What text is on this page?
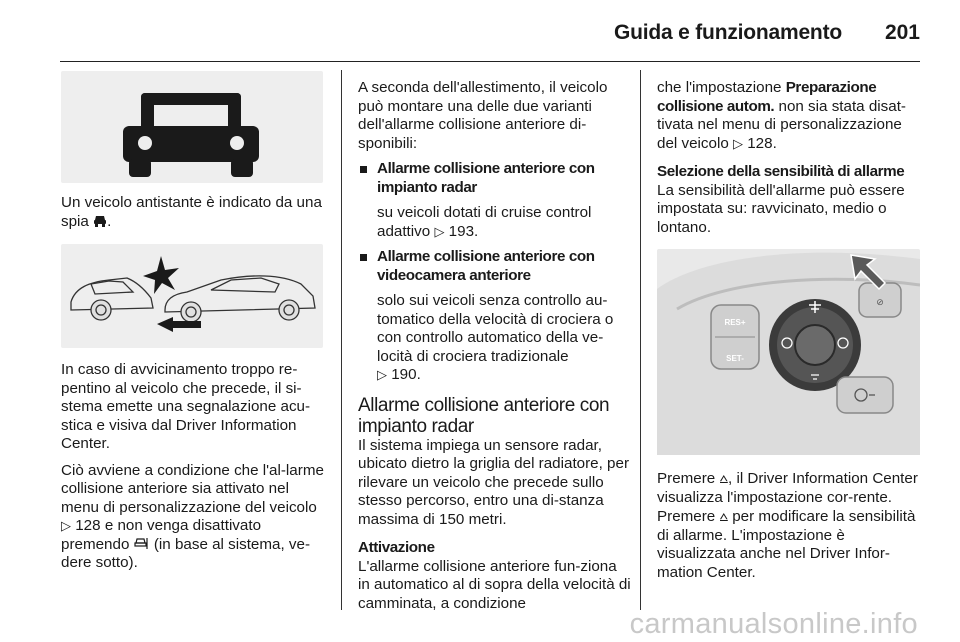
Guida e funzionamento 201

Un veicolo antistante è indicato da una spia .

In caso di avvicinamento troppo re-pentino al veicolo che precede, il si-stema emette una segnalazione acu-stica e visiva dal Driver Information Center.

Ciò avviene a condizione che l'al-larme collisione anteriore sia attivato nel menu di personalizzazione del veicolo ▷ 128 e non venga disattivato premendo (in base al sistema, ve-dere sotto).

A seconda dell'allestimento, il veicolo può montare una delle due varianti dell'allarme collisione anteriore di-sponibili:

Allarme collisione anteriore con impianto radar

su veicoli dotati di cruise control adattivo ▷ 193.

Allarme collisione anteriore con videocamera anteriore

solo sui veicoli senza controllo au-tomatico della velocità di crociera o con controllo automatico della ve-locità di crociera tradizionale
▷ 190.

Allarme collisione anteriore con impianto radar

Il sistema impiega un sensore radar, ubicato dietro la griglia del radiatore, per rilevare un veicolo che precede sullo stesso percorso, entro una di-stanza massima di 150 metri.

Attivazione

L'allarme collisione anteriore fun-ziona in automatico al di sopra della velocità di camminata, a condizione

che l'impostazione Preparazione collisione autom. non sia stata disat-tivata nel menu di personalizzazione del veicolo ▷ 128.

Selezione della sensibilità di allarme

La sensibilità dell'allarme può essere impostata su: ravvicinato, medio o lontano.

RES+
SET-
⊘

Premere ⩟, il Driver Information Center visualizza l'impostazione cor-rente. Premere ⩟ per modificare la sensibilità di allarme. L'impostazione è visualizzata anche nel Driver Infor-mation Center.

carmanualsonline.info
